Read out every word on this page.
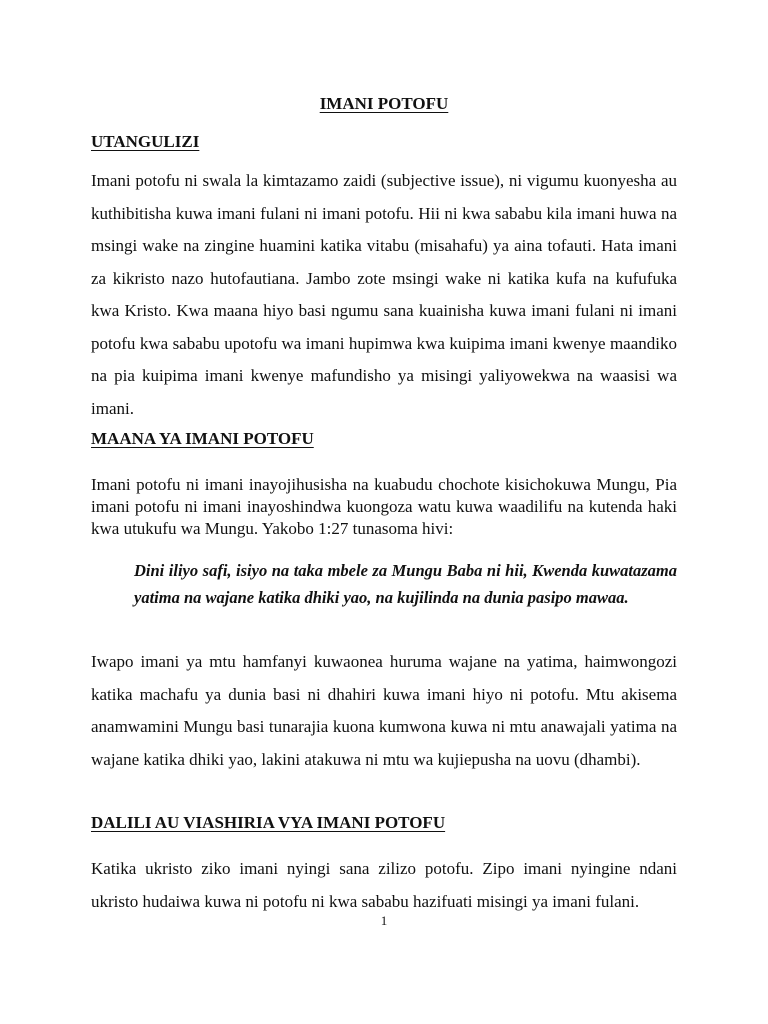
IMANI POTOFU
UTANGULIZI

Imani potofu ni swala la kimtazamo zaidi (subjective issue), ni vigumu kuonyesha au kuthibitisha kuwa imani fulani ni imani potofu. Hii ni kwa sababu kila imani huwa na msingi wake na zingine huamini katika vitabu (misahafu) ya aina tofauti. Hata imani za kikristo nazo hutofautiana. Jambo zote msingi wake ni katika kufa na kufufuka kwa Kristo. Kwa maana hiyo basi ngumu sana kuainisha kuwa imani fulani ni imani potofu kwa sababu upotofu wa imani hupimwa kwa kuipima imani kwenye maandiko na pia kuipima imani kwenye mafundisho ya misingi yaliyowekwa na waasisi wa imani.

MAANA YA IMANI POTOFU

Imani potofu ni imani inayojihusisha na kuabudu chochote kisichokuwa Mungu, Pia imani potofu ni imani inayoshindwa kuongoza watu kuwa waadilifu na kutenda haki kwa utukufu wa Mungu. Yakobo 1:27 tunasoma hivi:

Dini iliyo safi, isiyo na taka mbele za Mungu Baba ni hii, Kwenda kuwatazama yatima na wajane katika dhiki yao, na kujilinda na dunia pasipo mawaa.

Iwapo imani ya mtu hamfanyi kuwaonea huruma wajane na yatima, haimwongozi katika machafu ya dunia basi ni dhahiri kuwa imani hiyo ni potofu. Mtu akisema anamwamini Mungu basi tunarajia kuona kumwona kuwa ni mtu anawajali yatima na wajane katika dhiki yao, lakini atakuwa ni mtu wa kujiepusha na uovu (dhambi).

DALILI AU VIASHIRIA VYA IMANI POTOFU

Katika ukristo ziko imani nyingi sana zilizo potofu. Zipo imani nyingine ndani ukristo hudaiwa kuwa ni potofu ni kwa sababu hazifuati misingi ya imani fulani.

1
